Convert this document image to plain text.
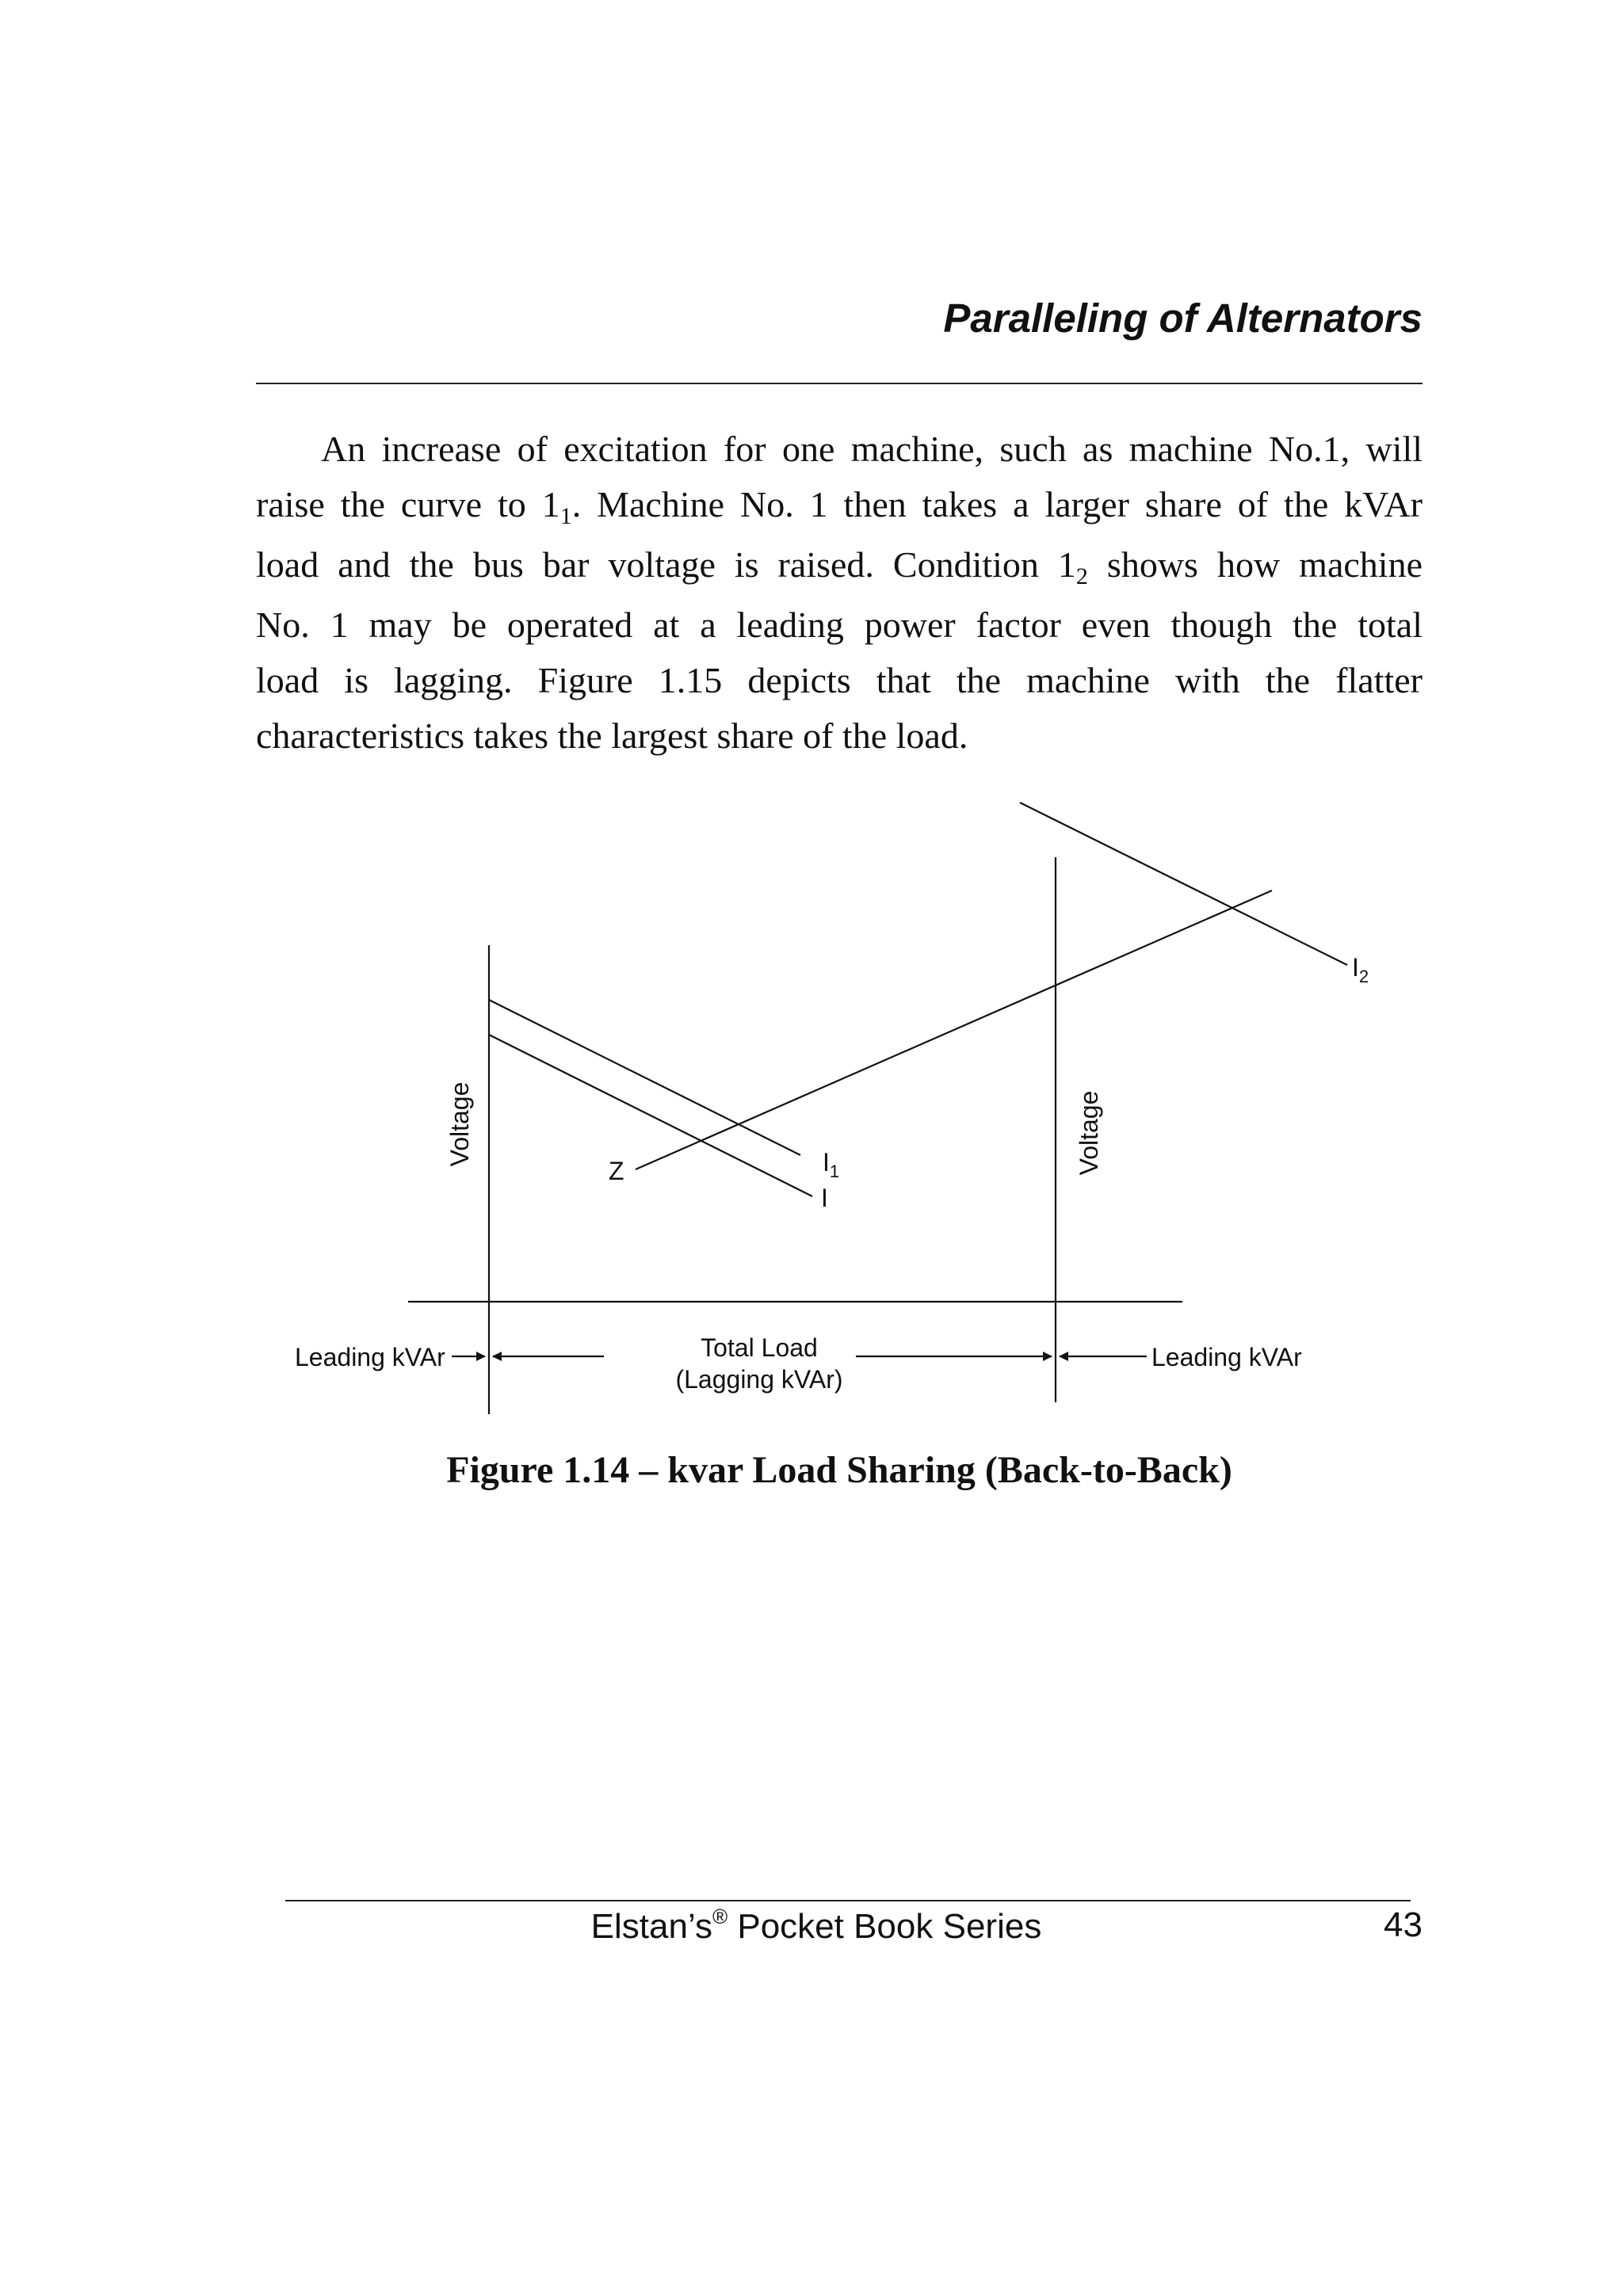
Paralleling of Alternators

An increase of excitation for one machine, such as machine No.1, will

raise the curve to 11. Machine No. 1 then takes a larger share of the kVAr

load and the bus bar voltage is raised. Condition 12 shows how machine

No. 1 may be operated at a leading power factor even though the total

load is lagging. Figure 1.15 depicts that the machine with the flatter

characteristics takes the largest share of the load.

Voltage	Voltage
Z
I
$I_1$
$I_2$
Leading kVAr	Leading kVAr
Total Load
(Lagging kVAr)

Figure 1.14 – kvar Load Sharing (Back-to-Back)

Elstan’s® Pocket Book Series	43
